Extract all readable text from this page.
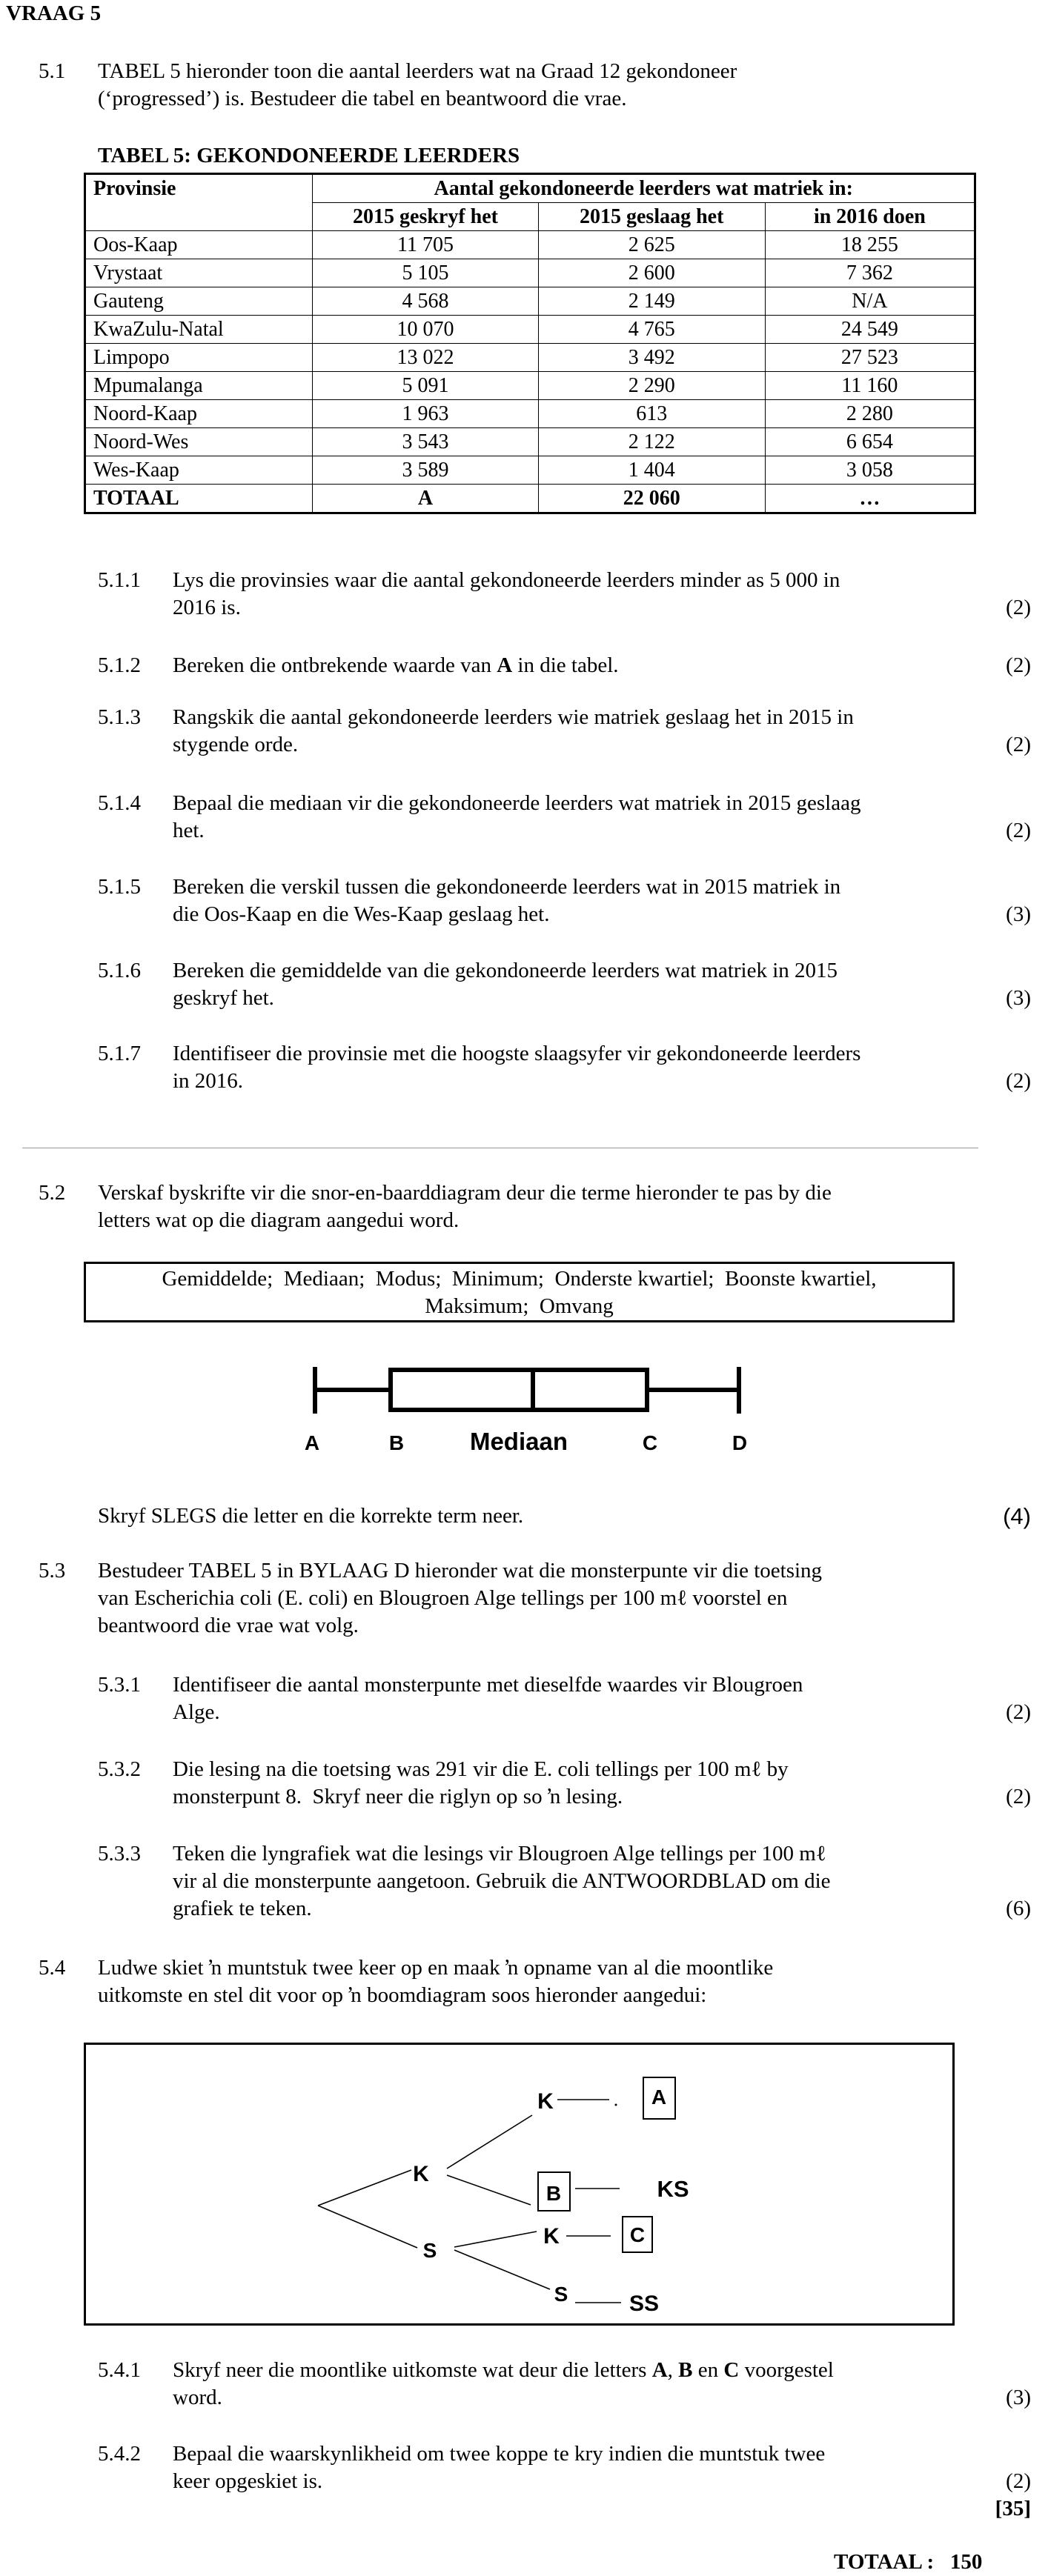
VRAAG 5
5.1 TABEL 5 hieronder toon die aantal leerders wat na Graad 12 gekondoneer
(‘progressed’) is. Bestudeer die tabel en beantwoord die vrae.
TABEL 5: GEKONDONEERDE LEERDERS
Provinsie	Aantal gekondoneerde leerders wat matriek in:		
	2015 geskryf het	2015 geslaag het	in 2016 doen
Oos-Kaap	11 705	2 625	18 255
Vrystaat	5 105	2 600	7 362
Gauteng	4 568	2 149	N/A
KwaZulu-Natal	10 070	4 765	24 549
Limpopo	13 022	3 492	27 523
Mpumalanga	5 091	2 290	11 160
Noord-Kaap	1 963	613	2 280
Noord-Wes	3 543	2 122	6 654
Wes-Kaap	3 589	1 404	3 058
TOTAAL	A	22 060	…
5.1.1 Lys die provinsies waar die aantal gekondoneerde leerders minder as 5 000 in
2016 is.	(2)
5.1.2 Bereken die ontbrekende waarde van A in die tabel.	(2)
5.1.3 Rangskik die aantal gekondoneerde leerders wie matriek geslaag het in 2015 in
stygende orde.	(2)
5.1.4 Bepaal die mediaan vir die gekondoneerde leerders wat matriek in 2015 geslaag
het.	(2)
5.1.5 Bereken die verskil tussen die gekondoneerde leerders wat in 2015 matriek in
die Oos-Kaap en die Wes-Kaap geslaag het.	(3)
5.1.6 Bereken die gemiddelde van die gekondoneerde leerders wat matriek in 2015
geskryf het.	(3)
5.1.7 Identifiseer die provinsie met die hoogste slaagsyfer vir gekondoneerde leerders
in 2016.	(2)
5.2 Verskaf byskrifte vir die snor-en-baarddiagram deur die terme hieronder te pas by die
letters wat op die diagram aangedui word.
Gemiddelde;  Mediaan;  Modus;  Minimum;  Onderste kwartiel;  Boonste kwartiel,
Maksimum;  Omvang
A	B	Mediaan	C	D
Skryf SLEGS die letter en die korrekte term neer.	(4)
5.3 Bestudeer TABEL 5 in BYLAAG D hieronder wat die monsterpunte vir die toetsing
van Escherichia coli (E. coli) en Blougroen Alge tellings per 100 mℓ voorstel en
beantwoord die vrae wat volg.
5.3.1 Identifiseer die aantal monsterpunte met dieselfde waardes vir Blougroen
Alge.	(2)
5.3.2 Die lesing na die toetsing was 291 vir die E. coli tellings per 100 mℓ by
monsterpunt 8.  Skryf neer die riglyn op so ŉ lesing.	(2)
5.3.3 Teken die lyngrafiek wat die lesings vir Blougroen Alge tellings per 100 mℓ
vir al die monsterpunte aangetoon. Gebruik die ANTWOORDBLAD om die
grafiek te teken.	(6)
5.4 Ludwe skiet ŉ muntstuk twee keer op en maak ŉ opname van al die moontlike
uitkomste en stel dit voor op ŉ boomdiagram soos hieronder aangedui:
K
S
K
B
K
S
A
KS
C
SS
5.4.1 Skryf neer die moontlike uitkomste wat deur die letters A, B en C voorgestel
word.	(3)
5.4.2 Bepaal die waarskynlikheid om twee koppe te kry indien die muntstuk twee
keer opgeskiet is.	(2)
[35]
TOTAAL :   150
